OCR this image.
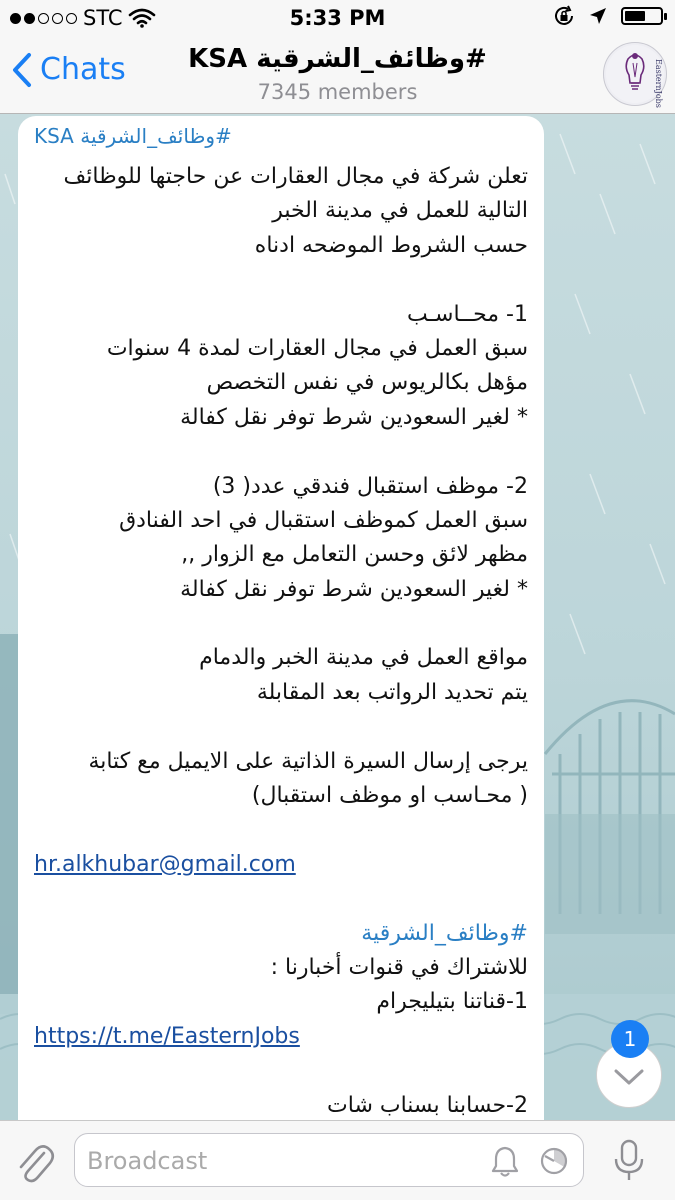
STC	5:33 PM
Chats	#وظائف_الشرقية KSA
7345 members	EasternJobs
#وظائف_الشرقية KSA
تعلن شركة في مجال العقارات عن حاجتها للوظائف
التالية للعمل في مدينة الخبر
حسب الشروط الموضحه ادناه
1- محــاسـب
سبق العمل في مجال العقارات لمدة 4 سنوات
مؤهل بكالريوس في نفس التخصص
* لغير السعودين شرط توفر نقل كفالة
2- موظف استقبال فندقي عدد( 3)
سبق العمل كموظف استقبال في احد الفنادق
مظهر لائق وحسن التعامل مع الزوار ,,
* لغير السعودين شرط توفر نقل كفالة
مواقع العمل في مدينة الخبر والدمام
يتم تحديد الرواتب بعد المقابلة
يرجى إرسال السيرة الذاتية على الايميل مع كتابة
( محـاسب او موظف استقبال)
hr.alkhubar@gmail.com
#وظائف_الشرقية
للاشتراك في قنوات أخبارنا :
1-قناتنا بتيليجرام
https://t.me/EasternJobs
2-حسابنا بسناب شات
1
Broadcast
